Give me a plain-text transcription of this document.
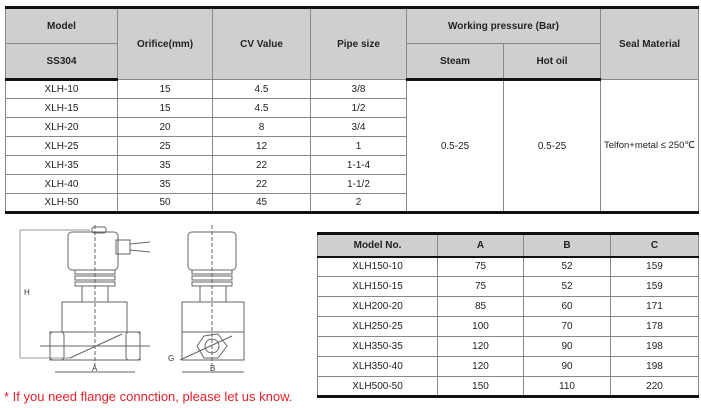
Model	Orifice(mm)	CV Value	Pipe size	Working pressure (Bar)		Seal Material
SS304				Steam	Hot oil	
XLH-10	15	4.5	3/8	0.5-25	0.5-25	Telfon+metal ≤ 250℃
XLH-15	15	4.5	1/2			
XLH-20	20	8	3/4			
XLH-25	25	12	1			
XLH-35	35	22	1-1-4			
XLH-40	35	22	1-1/2			
XLH-50	50	45	2			
H
A	B
G
Model No.	A	B	C
XLH150-10	75	52	159
XLH150-15	75	52	159
XLH200-20	85	60	171
XLH250-25	100	70	178
XLH350-35	120	90	198
XLH350-40	120	90	198
XLH500-50	150	110	220
* If you need flange connction, please let us know.
